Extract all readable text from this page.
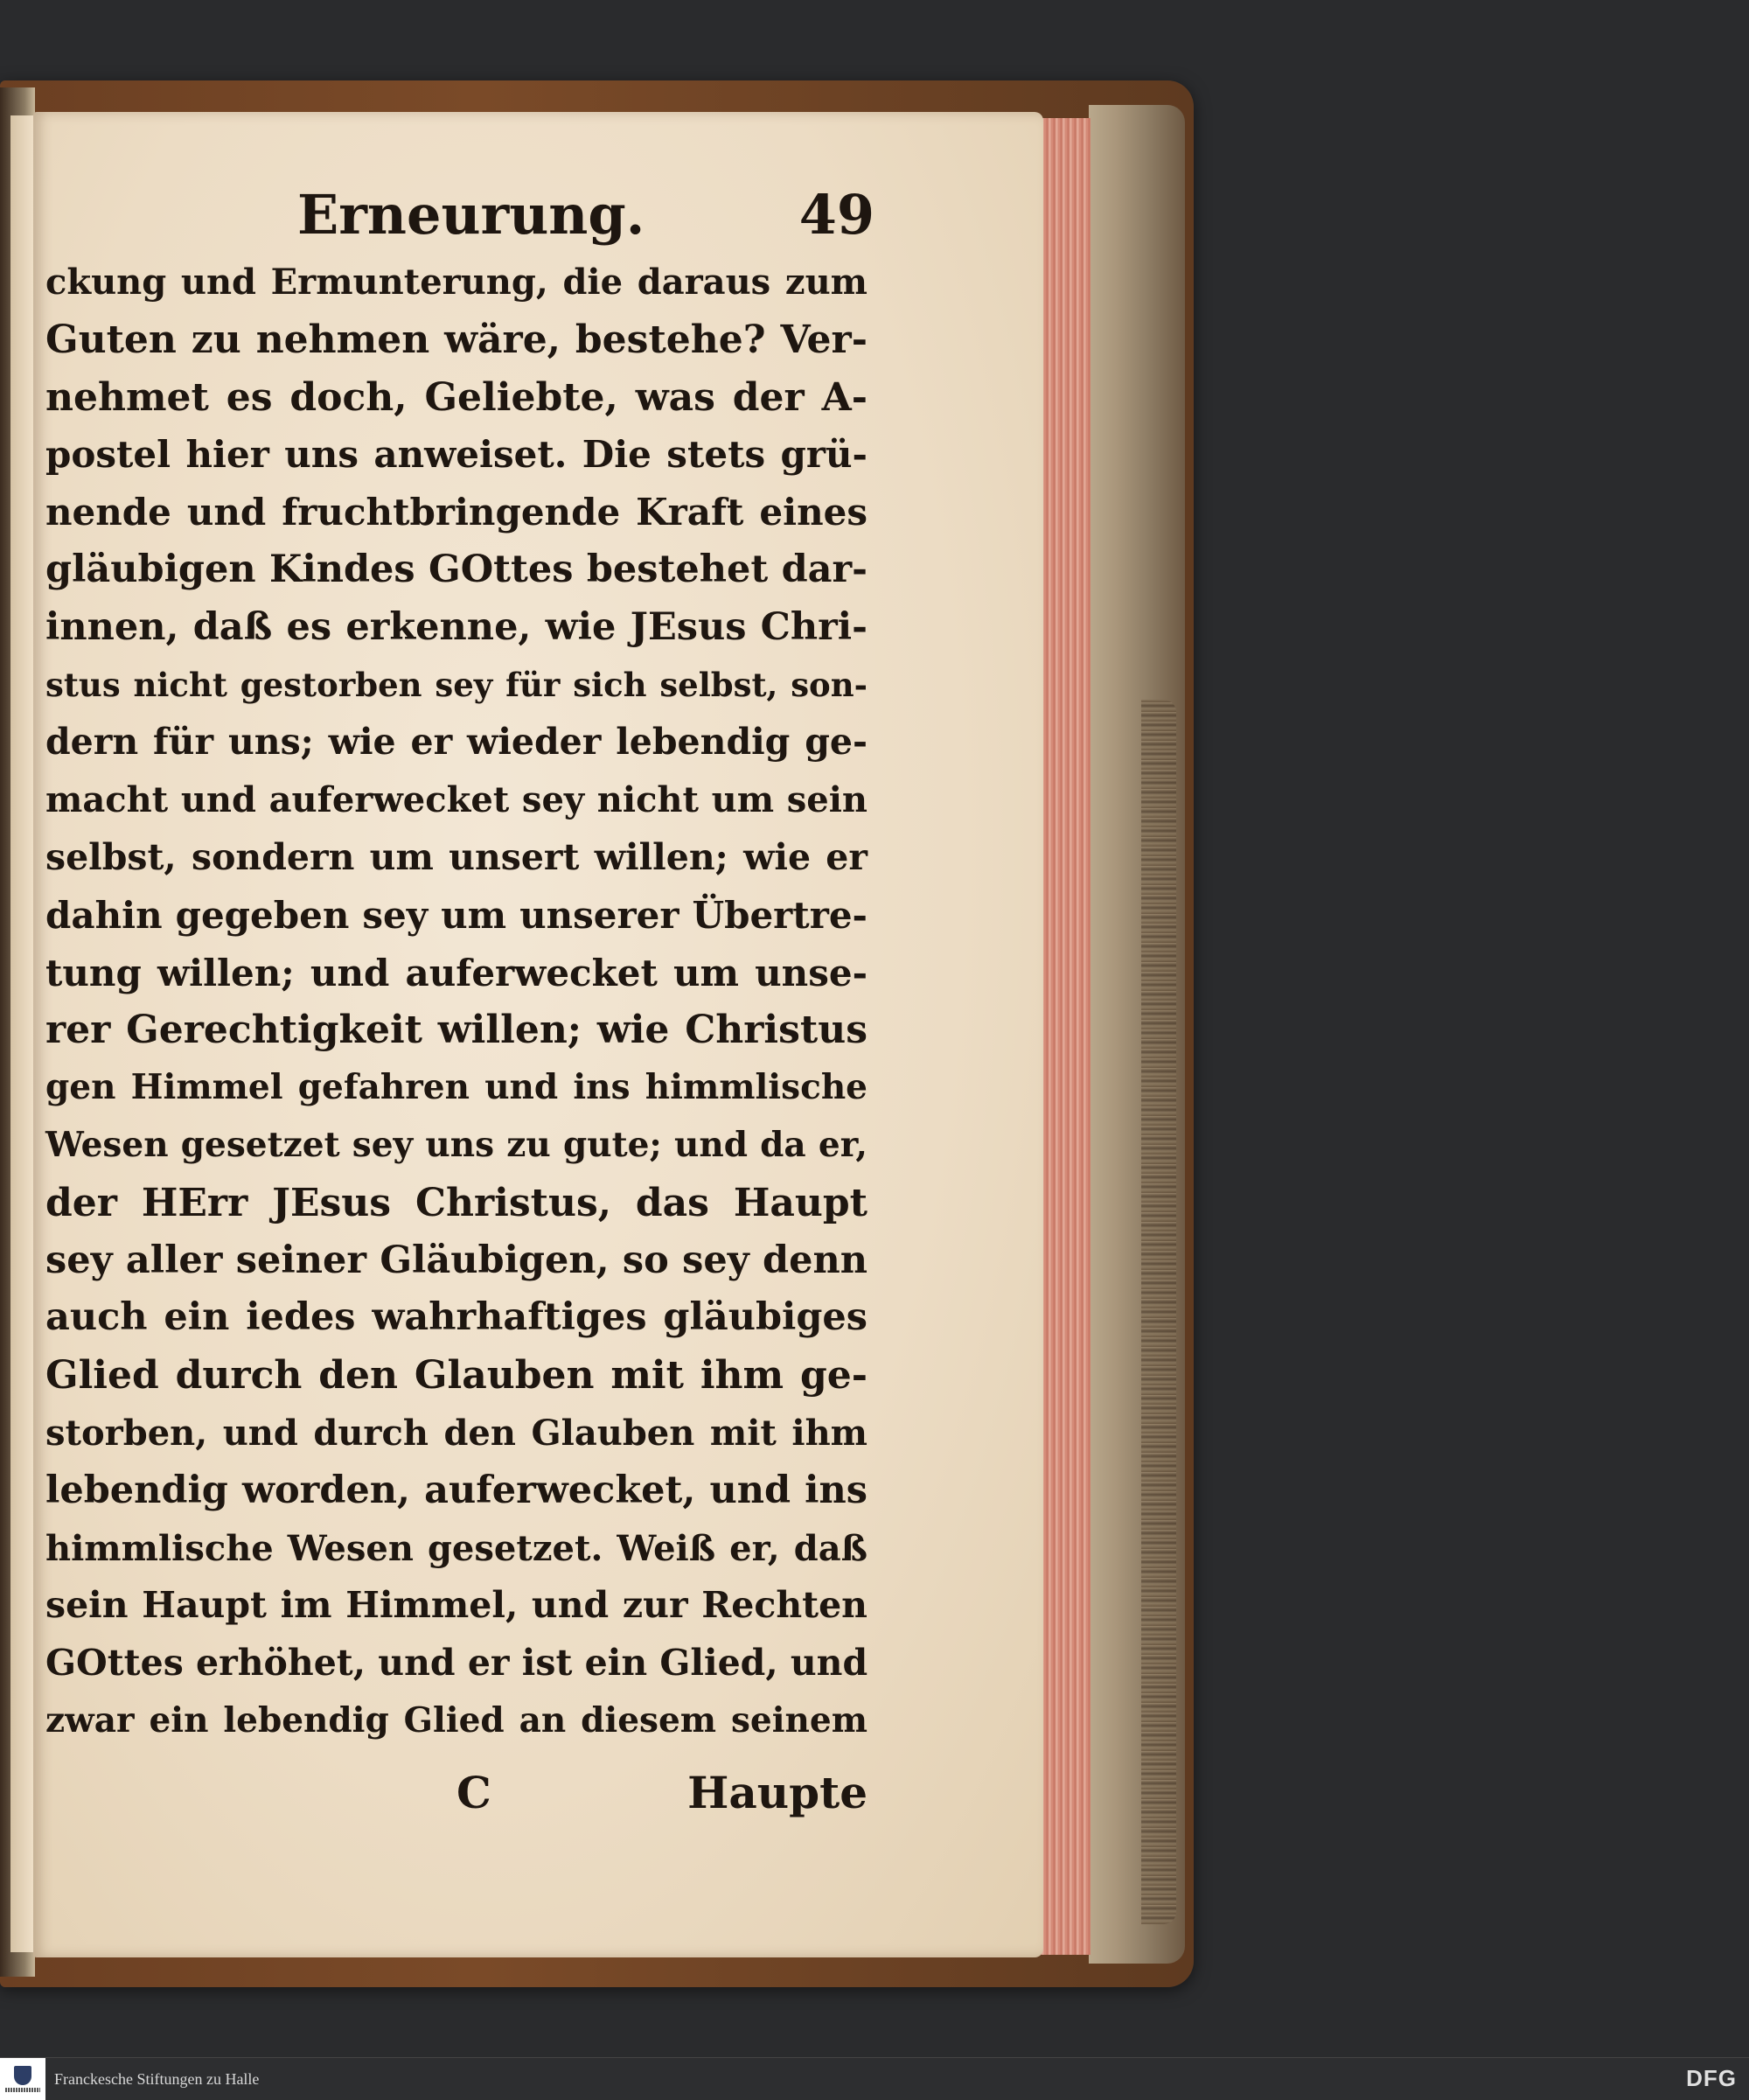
Erneurung.	49
ckung und Ermunterung, die daraus zum
Guten zu nehmen wäre, bestehe? Ver-
nehmet es doch, Geliebte, was der A-
postel hier uns anweiset. Die stets grü-
nende und fruchtbringende Kraft eines
gläubigen Kindes GOttes bestehet dar-
innen, daß es erkenne, wie JEsus Chri-
stus nicht gestorben sey für sich selbst, son-
dern für uns; wie er wieder lebendig ge-
macht und auferwecket sey nicht um sein
selbst, sondern um unsert willen; wie er
dahin gegeben sey um unserer Übertre-
tung willen; und auferwecket um unse-
rer Gerechtigkeit willen; wie Christus
gen Himmel gefahren und ins himmlische
Wesen gesetzet sey uns zu gute; und da er,
der HErr JEsus Christus, das Haupt
sey aller seiner Gläubigen, so sey denn
auch ein iedes wahrhaftiges gläubiges
Glied durch den Glauben mit ihm ge-
storben, und durch den Glauben mit ihm
lebendig worden, auferwecket, und ins
himmlische Wesen gesetzet. Weiß er, daß
sein Haupt im Himmel, und zur Rechten
GOttes erhöhet, und er ist ein Glied, und
zwar ein lebendig Glied an diesem seinem
C	Haupte
Franckesche Stiftungen zu Halle	DFG
